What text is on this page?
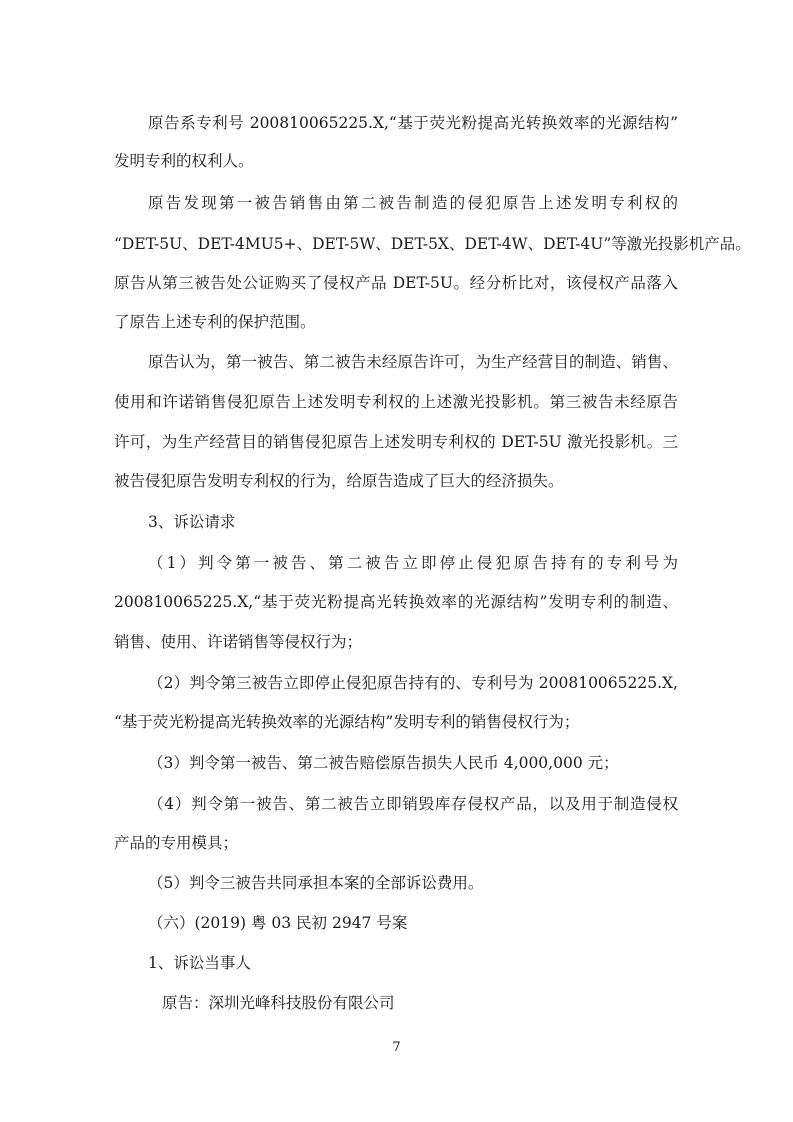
原告系专利号 200810065225.X,“基于荧光粉提高光转换效率的光源结构”
发明专利的权利人。
原告发现第一被告销售由第二被告制造的侵犯原告上述发明专利权的
“DET-5U、DET-4MU5+、DET-5W、DET-5X、DET-4W、DET-4U”等激光投影机产品。
原告从第三被告处公证购买了侵权产品 DET-5U。经分析比对，该侵权产品落入
了原告上述专利的保护范围。
原告认为，第一被告、第二被告未经原告许可，为生产经营目的制造、销售、
使用和许诺销售侵犯原告上述发明专利权的上述激光投影机。第三被告未经原告
许可，为生产经营目的销售侵犯原告上述发明专利权的 DET-5U 激光投影机。三
被告侵犯原告发明专利权的行为，给原告造成了巨大的经济损失。
3、诉讼请求
（1）判令第一被告、第二被告立即停止侵犯原告持有的专利号为
200810065225.X,“基于荧光粉提高光转换效率的光源结构”发明专利的制造、
销售、使用、许诺销售等侵权行为；
（2）判令第三被告立即停止侵犯原告持有的、专利号为 200810065225.X,
“基于荧光粉提高光转换效率的光源结构”发明专利的销售侵权行为；
（3）判令第一被告、第二被告赔偿原告损失人民币 4,000,000 元；
（4）判令第一被告、第二被告立即销毁库存侵权产品，以及用于制造侵权
产品的专用模具；
（5）判令三被告共同承担本案的全部诉讼费用。
（六）(2019) 粤 03 民初 2947 号案
1、诉讼当事人
原告：深圳光峰科技股份有限公司
7
